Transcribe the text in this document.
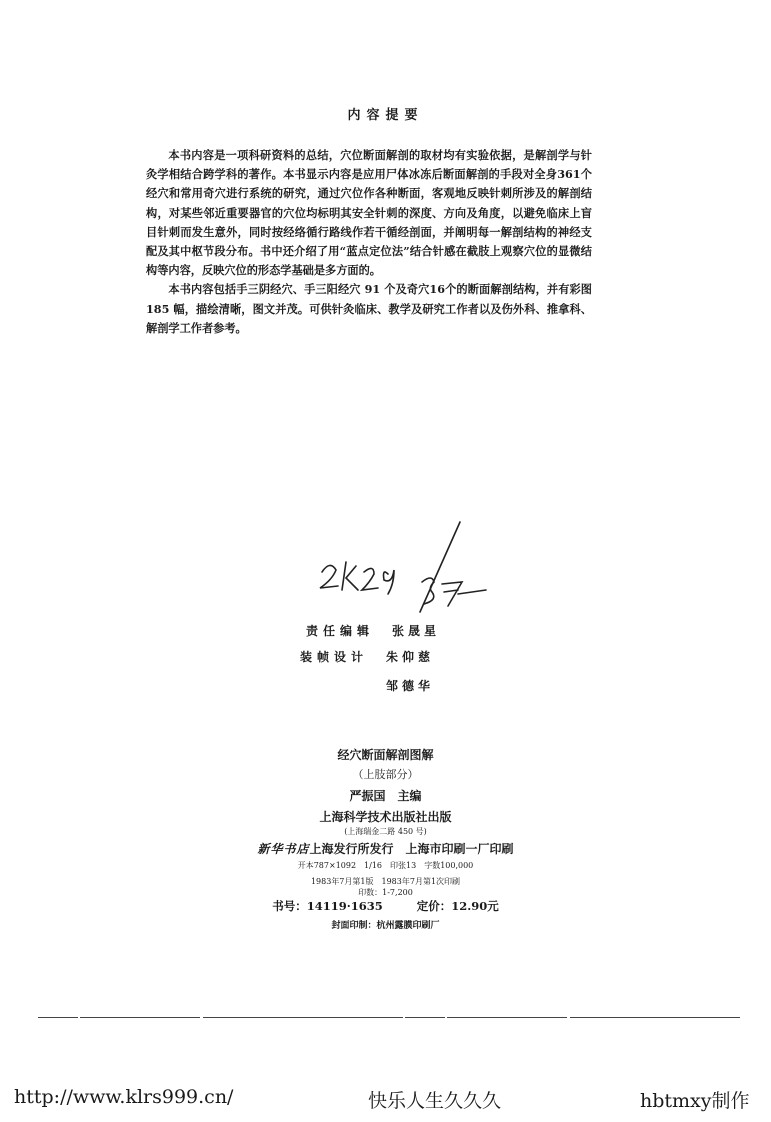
内容提要

本书内容是一项科研资料的总结，穴位断面解剖的取材均有实验依据，是解剖学与针灸学相结合跨学科的著作。本书显示内容是应用尸体冰冻后断面解剖的手段对全身361个经穴和常用奇穴进行系统的研究，通过穴位作各种断面，客观地反映针刺所涉及的解剖结构，对某些邻近重要器官的穴位均标明其安全针刺的深度、方向及角度，以避免临床上盲目针刺而发生意外，同时按经络循行路线作若干循经剖面，并阐明每一解剖结构的神经支配及其中枢节段分布。书中还介绍了用“蓝点定位法”结合针感在截肢上观察穴位的显微结构等内容，反映穴位的形态学基础是多方面的。

本书内容包括手三阴经穴、手三阳经穴 91 个及奇穴16个的断面解剖结构，并有彩图 185 幅，描绘清晰，图文并茂。可供针灸临床、教学及研究工作者以及伤外科、推拿科、解剖学工作者参考。

责任编辑 张晟星
装帧设计 朱仰慈
邹德华
经穴断面解剖图解
（上肢部分）
严振国　主编
上海科学技术出版社出版
(上海瑞金二路 450 号)
新华书店上海发行所发行　上海市印刷一厂印刷
开本787×1092　1/16　印张13　字数100,000
1983年7月第1版　1983年7月第1次印刷
印数：1-7,200
书号：14119·1635	定价：12.90元
封面印制：杭州露膜印刷厂
http://www.klrs999.cn/	快乐人生久久久	hbtmxy制作
